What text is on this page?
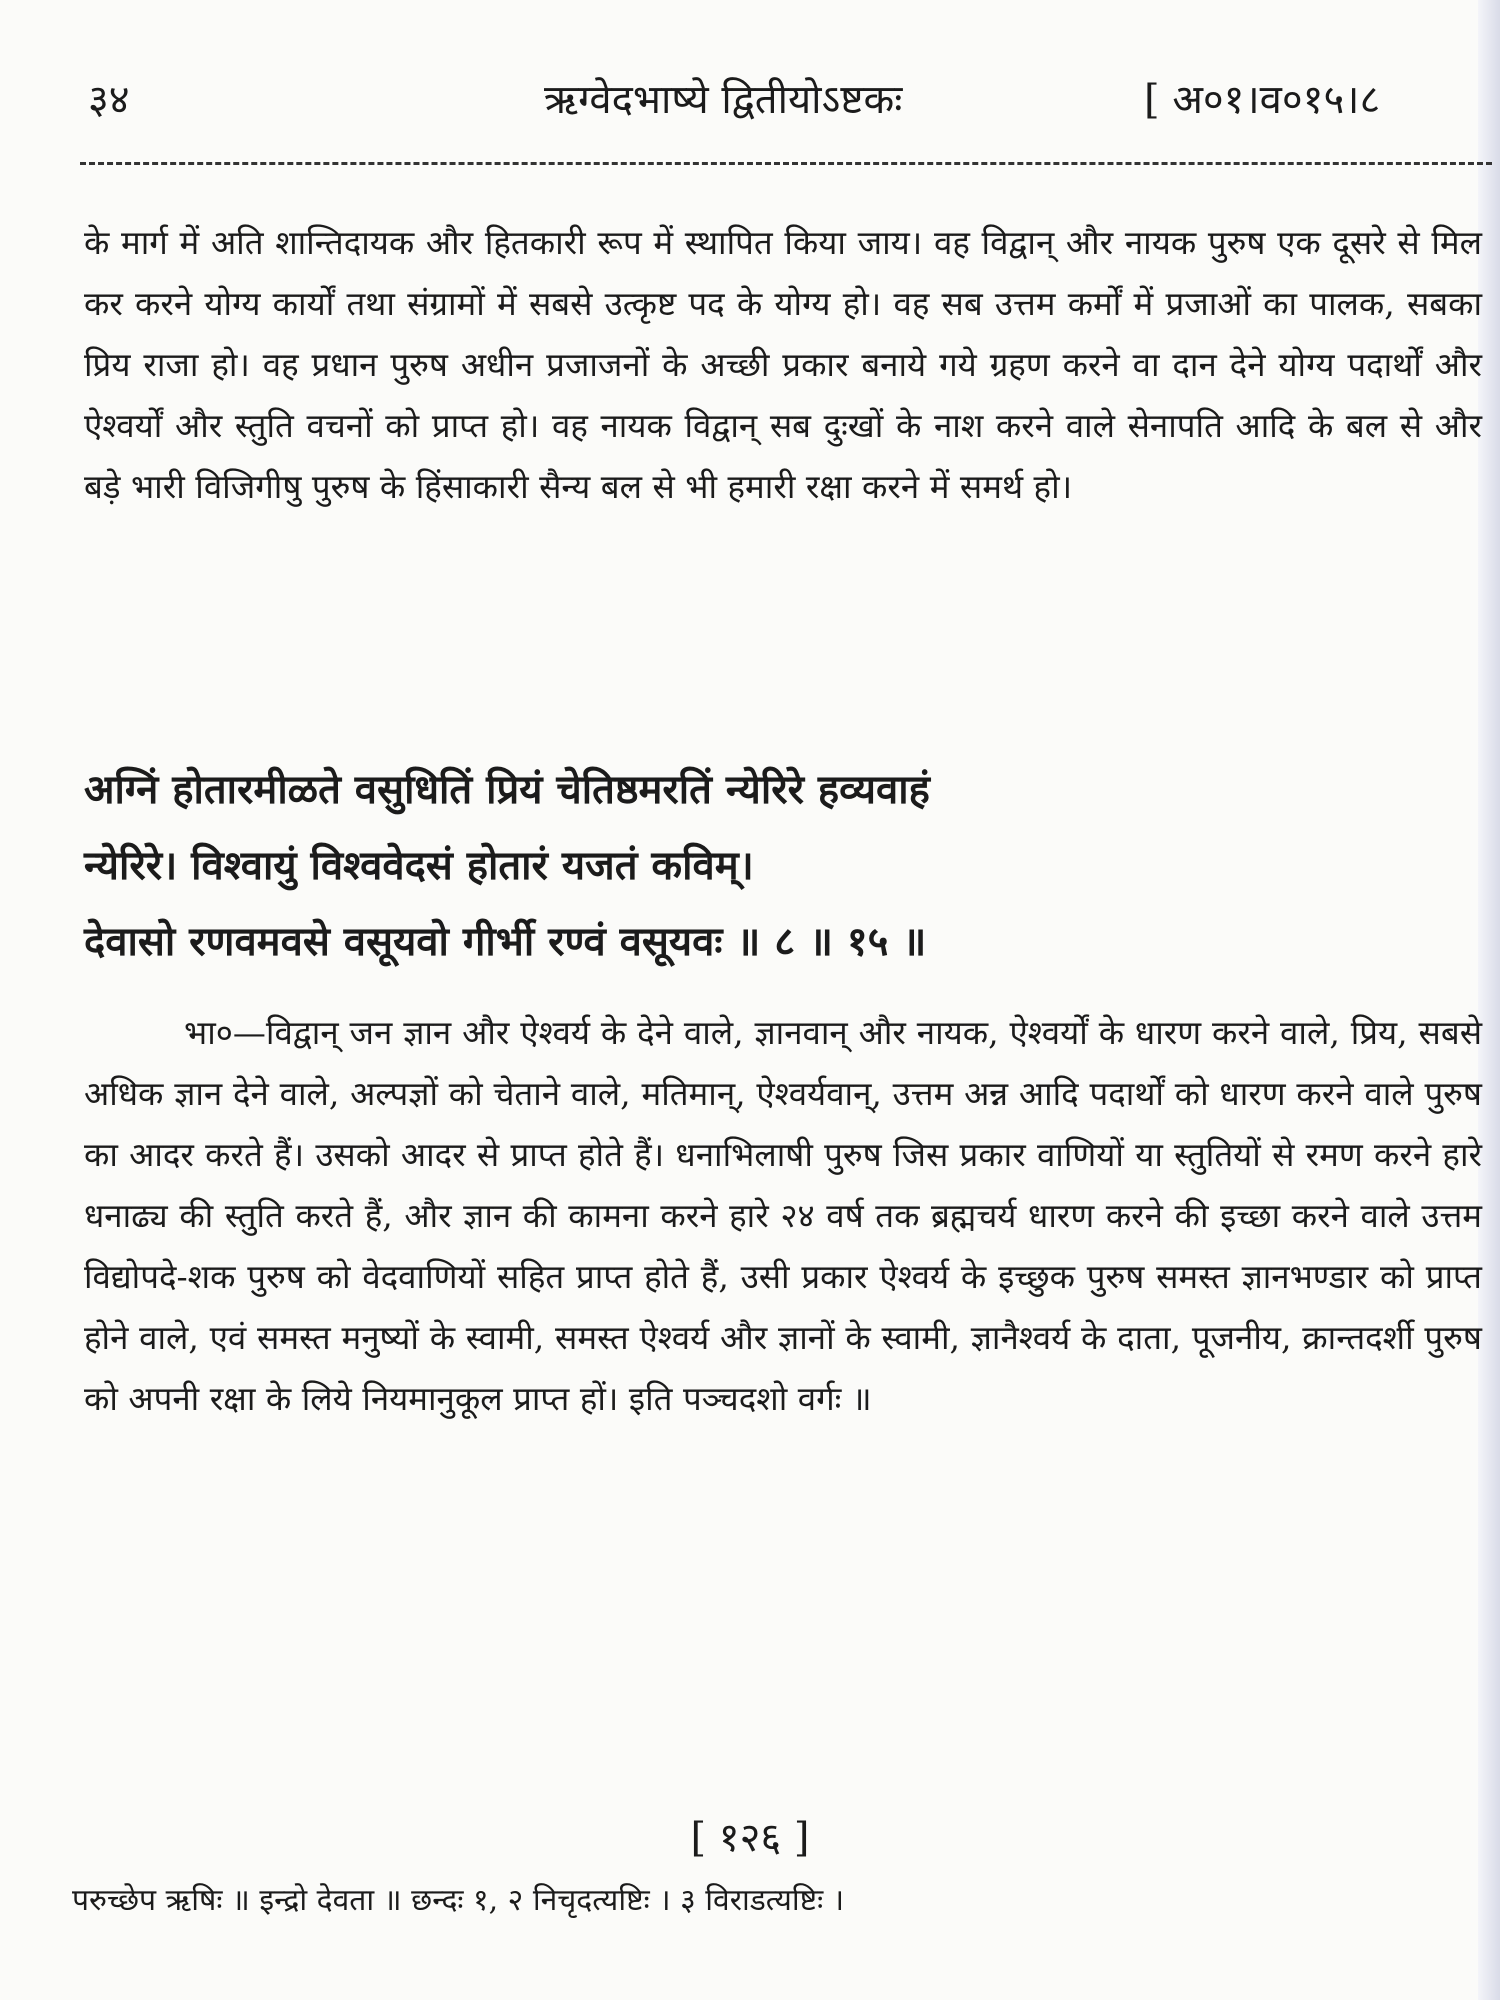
३४	ऋग्वेदभाष्ये द्वितीयोऽष्टकः	[ अ०१।व०१५।८

के मार्ग में अति शान्तिदायक और हितकारी रूप में स्थापित किया जाय। वह विद्वान् और नायक पुरुष एक दूसरे से मिल कर करने योग्य कार्यों तथा संग्रामों में सबसे उत्कृष्ट पद के योग्य हो। वह सब उत्तम कर्मों में प्रजाओं का पालक, सबका प्रिय राजा हो। वह प्रधान पुरुष अधीन प्रजाजनों के अच्छी प्रकार बनाये गये ग्रहण करने वा दान देने योग्य पदार्थों और ऐश्वर्यों और स्तुति वचनों को प्राप्त हो। वह नायक विद्वान् सब दुःखों के नाश करने वाले सेनापति आदि के बल से और बड़े भारी विजिगीषु पुरुष के हिंसाकारी सैन्य बल से भी हमारी रक्षा करने में समर्थ हो।

अग्निं होतारमीळते वसुधितिं प्रियं चेतिष्ठमरतिं न्येरिरे हव्यवाहं
न्येरिरे। विश्वायुं विश्ववेदसं होतारं यजतं कविम्।
देवासो रणवमवसे वसूयवो गीर्भी रण्वं वसूयवः ॥ ८ ॥ १५ ॥

भा०—विद्वान् जन ज्ञान और ऐश्वर्य के देने वाले, ज्ञानवान् और नायक, ऐश्वर्यों के धारण करने वाले, प्रिय, सबसे अधिक ज्ञान देने वाले, अल्पज्ञों को चेताने वाले, मतिमान्, ऐश्वर्यवान्, उत्तम अन्न आदि पदार्थों को धारण करने वाले पुरुष का आदर करते हैं। उसको आदर से प्राप्त होते हैं। धनाभिलाषी पुरुष जिस प्रकार वाणियों या स्तुतियों से रमण करने हारे धनाढ्य की स्तुति करते हैं, और ज्ञान की कामना करने हारे २४ वर्ष तक ब्रह्मचर्य धारण करने की इच्छा करने वाले उत्तम विद्योपदे-शक पुरुष को वेदवाणियों सहित प्राप्त होते हैं, उसी प्रकार ऐश्वर्य के इच्छुक पुरुष समस्त ज्ञानभण्डार को प्राप्त होने वाले, एवं समस्त मनुष्यों के स्वामी, समस्त ऐश्वर्य और ज्ञानों के स्वामी, ज्ञानैश्वर्य के दाता, पूजनीय, क्रान्तदर्शी पुरुष को अपनी रक्षा के लिये नियमानुकूल प्राप्त हों। इति पञ्चदशो वर्गः ॥

[ १२६ ]
परुच्छेप ऋषिः ॥ इन्द्रो देवता ॥ छन्दः १, २ निचृदत्यष्टिः । ३ विराडत्यष्टिः ।
